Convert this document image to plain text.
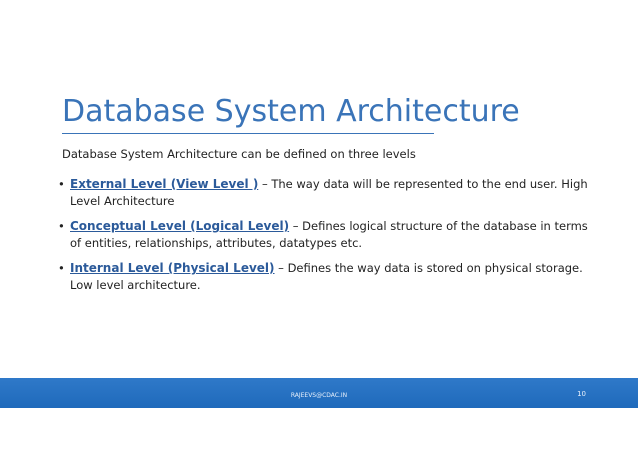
Database System Architecture
Database System Architecture can be defined on three levels
• External Level (View Level ) – The way data will be represented to the end user. High Level Architecture
• Conceptual Level (Logical Level) – Defines logical structure of the database in terms of entities, relationships, attributes, datatypes etc.
• Internal Level (Physical Level) – Defines the way data is stored on physical storage. Low level architecture.
RAJEEVS@CDAC.IN	10
